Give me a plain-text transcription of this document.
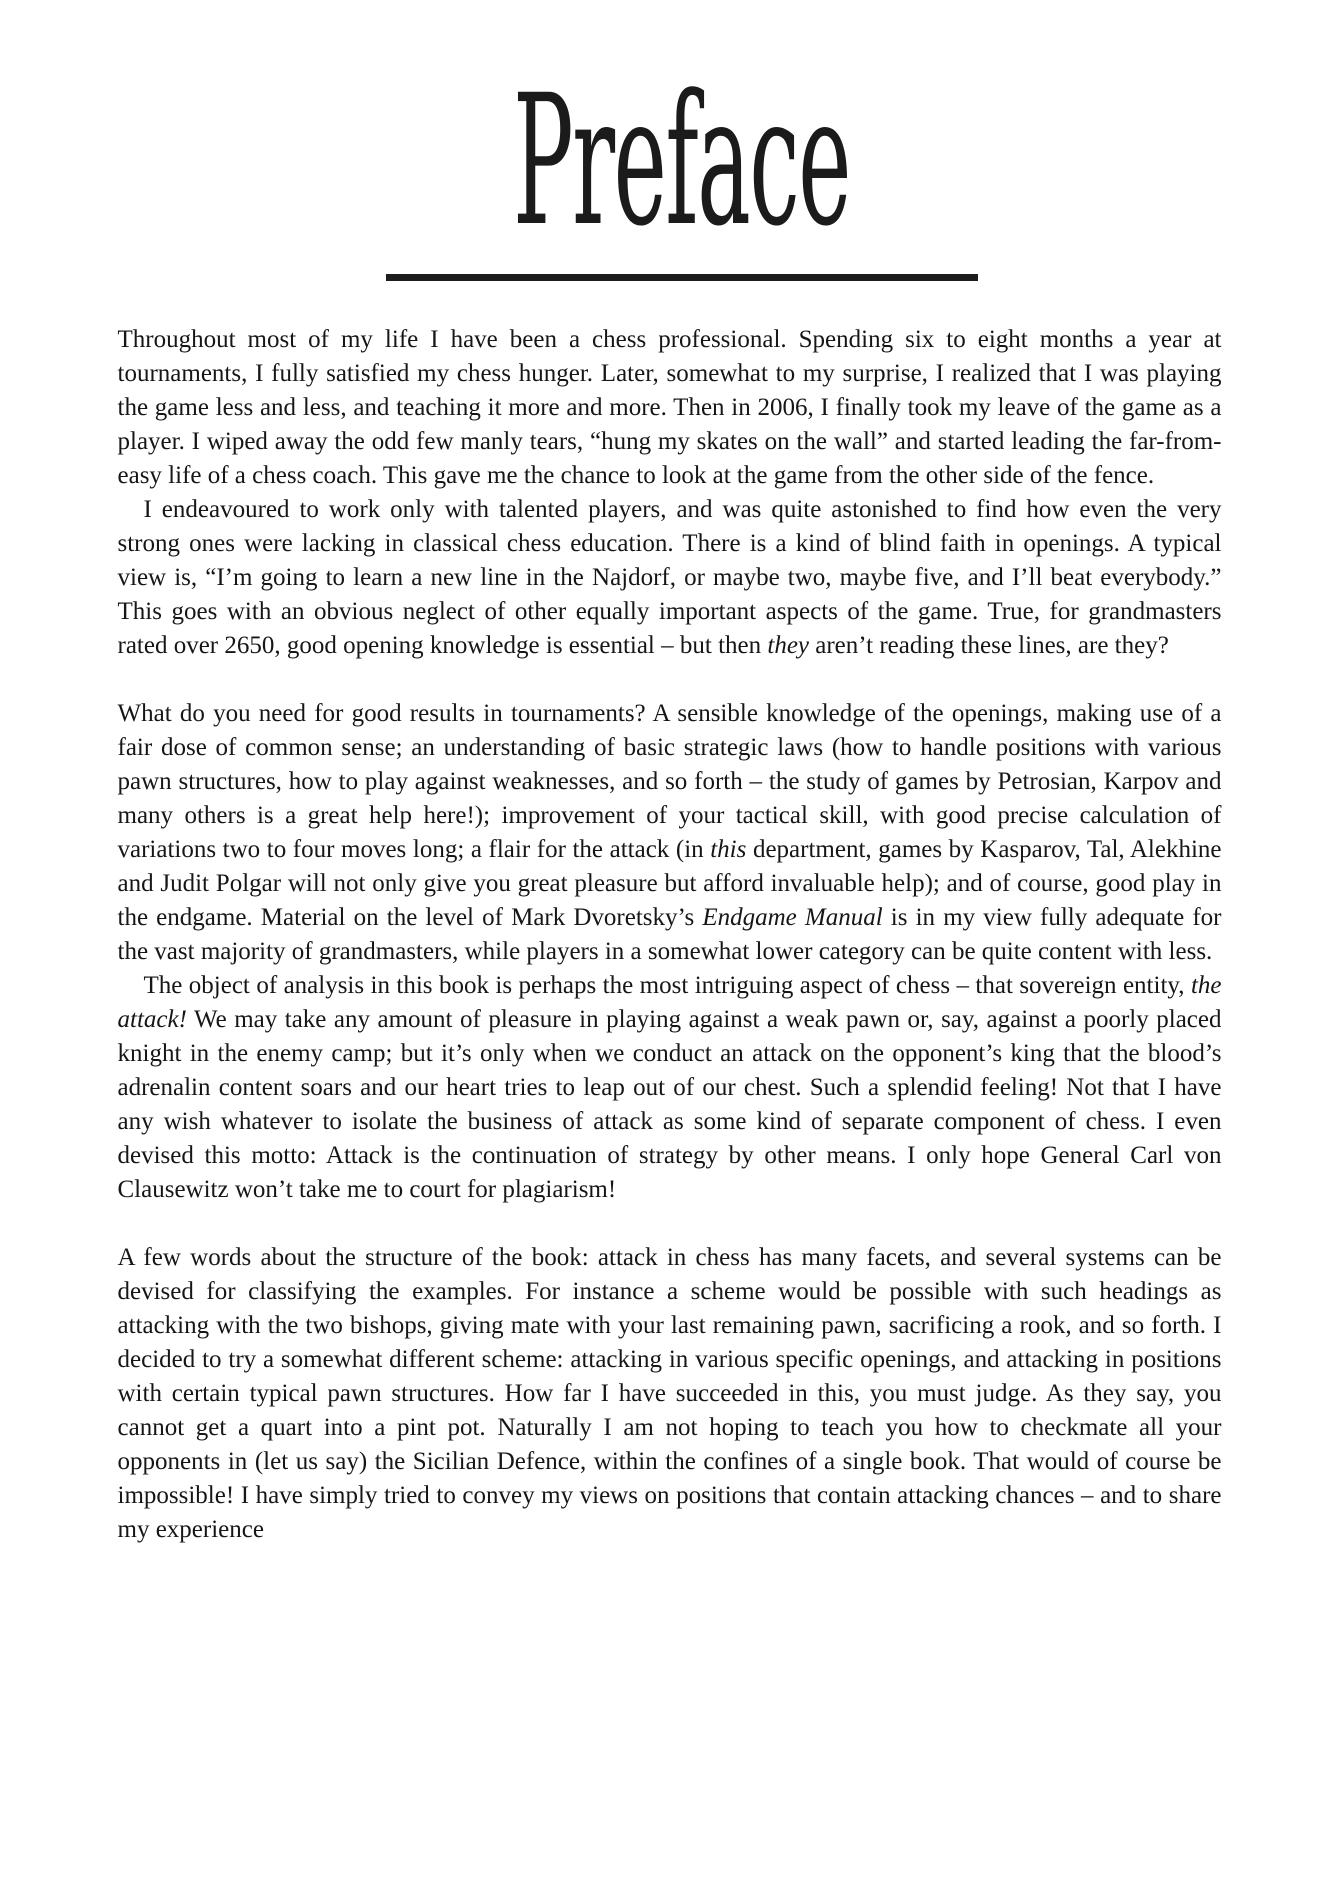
Preface

Throughout most of my life I have been a chess professional. Spending six to eight months a year at tournaments, I fully satisfied my chess hunger. Later, somewhat to my surprise, I realized that I was playing the game less and less, and teaching it more and more. Then in 2006, I finally took my leave of the game as a player. I wiped away the odd few manly tears, “hung my skates on the wall” and started leading the far-from-easy life of a chess coach. This gave me the chance to look at the game from the other side of the fence.

I endeavoured to work only with talented players, and was quite astonished to find how even the very strong ones were lacking in classical chess education. There is a kind of blind faith in openings. A typical view is, “I’m going to learn a new line in the Najdorf, or maybe two, maybe five, and I’ll beat everybody.” This goes with an obvious neglect of other equally important aspects of the game. True, for grandmasters rated over 2650, good opening knowledge is essential – but then they aren’t reading these lines, are they?

What do you need for good results in tournaments? A sensible knowledge of the openings, making use of a fair dose of common sense; an understanding of basic strategic laws (how to handle positions with various pawn structures, how to play against weaknesses, and so forth – the study of games by Petrosian, Karpov and many others is a great help here!); improvement of your tactical skill, with good precise calculation of variations two to four moves long; a flair for the attack (in this department, games by Kasparov, Tal, Alekhine and Judit Polgar will not only give you great pleasure but afford invaluable help); and of course, good play in the endgame. Material on the level of Mark Dvoretsky’s Endgame Manual is in my view fully adequate for the vast majority of grandmasters, while players in a somewhat lower category can be quite content with less.

The object of analysis in this book is perhaps the most intriguing aspect of chess – that sovereign entity, the attack! We may take any amount of pleasure in playing against a weak pawn or, say, against a poorly placed knight in the enemy camp; but it’s only when we conduct an attack on the opponent’s king that the blood’s adrenalin content soars and our heart tries to leap out of our chest. Such a splendid feeling! Not that I have any wish whatever to isolate the business of attack as some kind of separate component of chess. I even devised this motto: Attack is the continuation of strategy by other means. I only hope General Carl von Clausewitz won’t take me to court for plagiarism!

A few words about the structure of the book: attack in chess has many facets, and several systems can be devised for classifying the examples. For instance a scheme would be possible with such headings as attacking with the two bishops, giving mate with your last remaining pawn, sacrificing a rook, and so forth. I decided to try a somewhat different scheme: attacking in various specific openings, and attacking in positions with certain typical pawn structures. How far I have succeeded in this, you must judge. As they say, you cannot get a quart into a pint pot. Naturally I am not hoping to teach you how to checkmate all your opponents in (let us say) the Sicilian Defence, within the confines of a single book. That would of course be impossible! I have simply tried to convey my views on positions that contain attacking chances – and to share my experience
